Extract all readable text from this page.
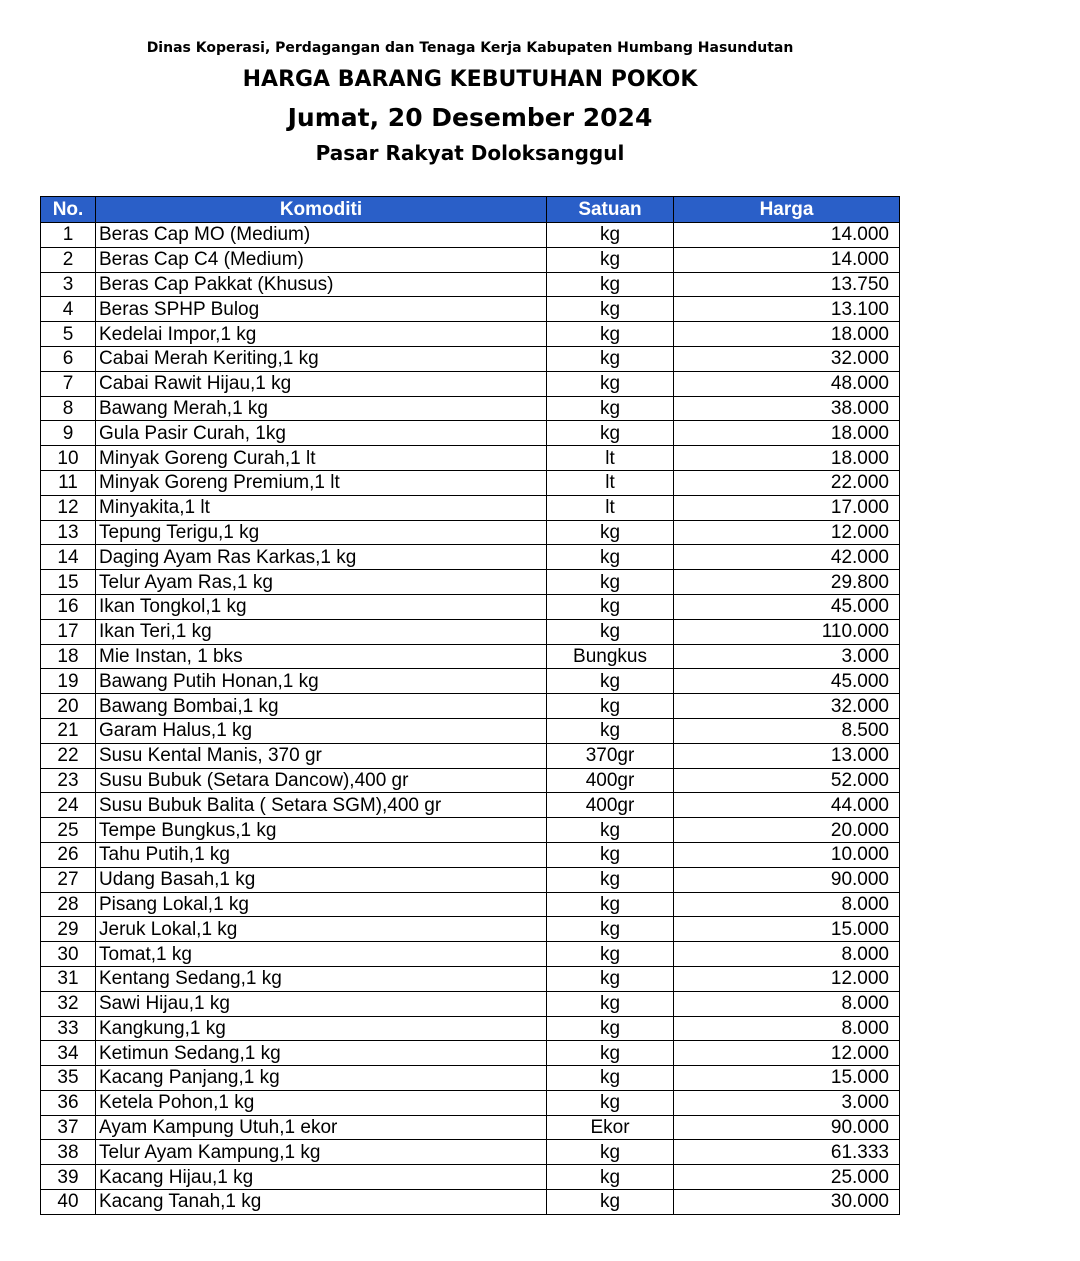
Dinas Koperasi, Perdagangan dan Tenaga Kerja Kabupaten Humbang Hasundutan
HARGA BARANG KEBUTUHAN POKOK
Jumat, 20 Desember 2024
Pasar Rakyat Doloksanggul
No.	Komoditi	Satuan	Harga
1	Beras Cap MO (Medium)	kg	14.000
2	Beras Cap C4 (Medium)	kg	14.000
3	Beras Cap Pakkat (Khusus)	kg	13.750
4	Beras SPHP Bulog	kg	13.100
5	Kedelai Impor,1 kg	kg	18.000
6	Cabai Merah Keriting,1 kg	kg	32.000
7	Cabai Rawit Hijau,1 kg	kg	48.000
8	Bawang Merah,1 kg	kg	38.000
9	Gula Pasir Curah, 1kg	kg	18.000
10	Minyak Goreng Curah,1 lt	lt	18.000
11	Minyak Goreng Premium,1 lt	lt	22.000
12	Minyakita,1 lt	lt	17.000
13	Tepung Terigu,1 kg	kg	12.000
14	Daging Ayam Ras Karkas,1 kg	kg	42.000
15	Telur Ayam Ras,1 kg	kg	29.800
16	Ikan Tongkol,1 kg	kg	45.000
17	Ikan Teri,1 kg	kg	110.000
18	Mie Instan, 1 bks	Bungkus	3.000
19	Bawang Putih Honan,1 kg	kg	45.000
20	Bawang Bombai,1 kg	kg	32.000
21	Garam Halus,1 kg	kg	8.500
22	Susu Kental Manis, 370 gr	370gr	13.000
23	Susu Bubuk (Setara Dancow),400 gr	400gr	52.000
24	Susu Bubuk Balita ( Setara SGM),400 gr	400gr	44.000
25	Tempe Bungkus,1 kg	kg	20.000
26	Tahu Putih,1 kg	kg	10.000
27	Udang Basah,1 kg	kg	90.000
28	Pisang Lokal,1 kg	kg	8.000
29	Jeruk Lokal,1 kg	kg	15.000
30	Tomat,1 kg	kg	8.000
31	Kentang Sedang,1 kg	kg	12.000
32	Sawi Hijau,1 kg	kg	8.000
33	Kangkung,1 kg	kg	8.000
34	Ketimun Sedang,1 kg	kg	12.000
35	Kacang Panjang,1 kg	kg	15.000
36	Ketela Pohon,1 kg	kg	3.000
37	Ayam Kampung Utuh,1 ekor	Ekor	90.000
38	Telur Ayam Kampung,1 kg	kg	61.333
39	Kacang Hijau,1 kg	kg	25.000
40	Kacang Tanah,1 kg	kg	30.000
